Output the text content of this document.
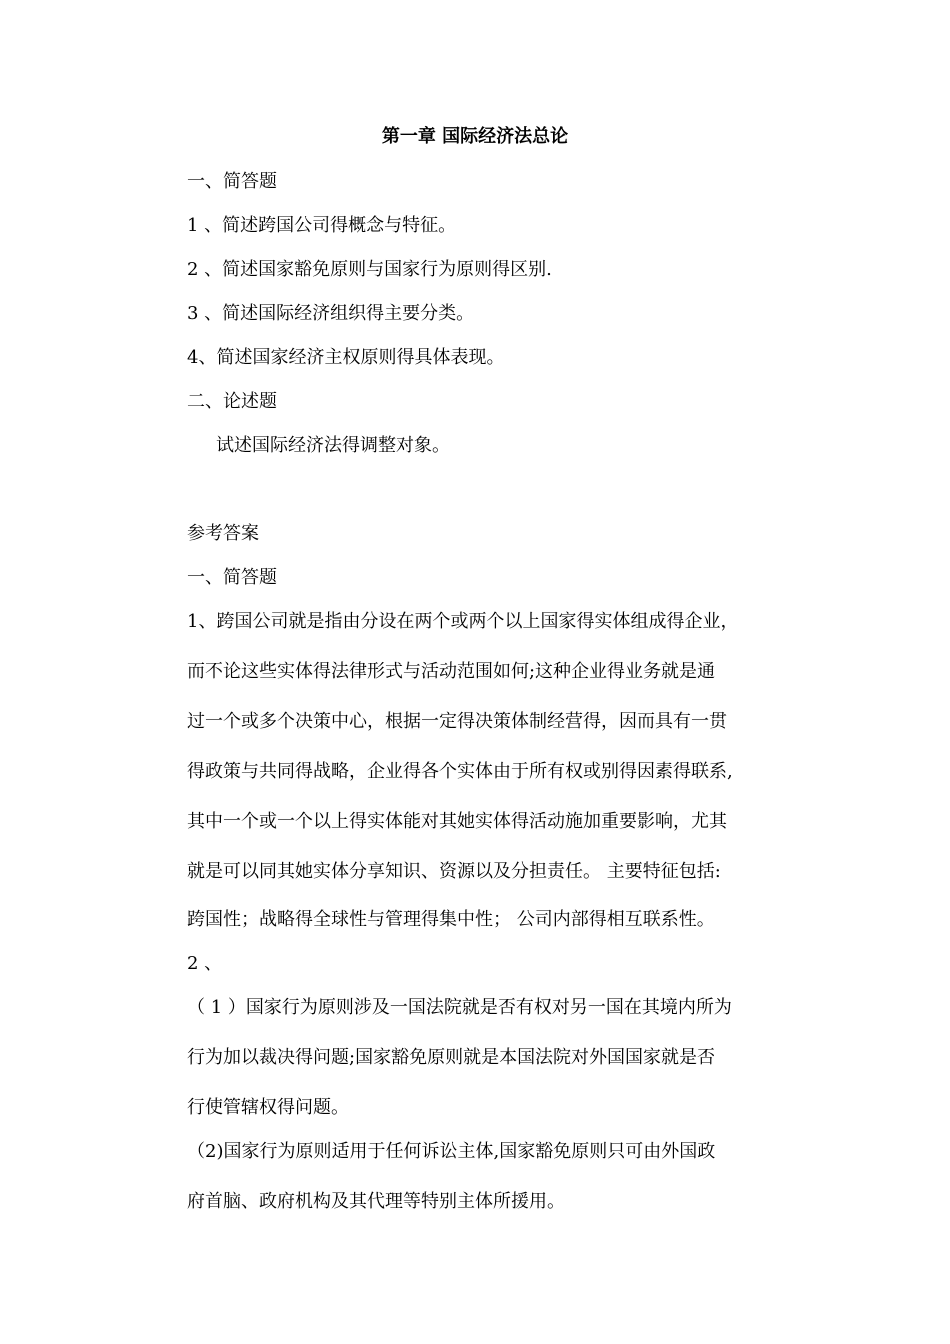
第一章 国际经济法总论
一、简答题
1 、简述跨国公司得概念与特征。
2 、简述国家豁免原则与国家行为原则得区别.
3 、简述国际经济组织得主要分类。
4、简述国家经济主权原则得具体表现。
二、论述题
试述国际经济法得调整对象。
参考答案
一、简答题
1、跨国公司就是指由分设在两个或两个以上国家得实体组成得企业，
而不论这些实体得法律形式与活动范围如何;这种企业得业务就是通
过一个或多个决策中心，根据一定得决策体制经营得，因而具有一贯
得政策与共同得战略，企业得各个实体由于所有权或别得因素得联系,
其中一个或一个以上得实体能对其她实体得活动施加重要影响，尤其
就是可以同其她实体分享知识、资源以及分担责任。 主要特征包括:
跨国性；战略得全球性与管理得集中性； 公司内部得相互联系性。
2 、
（ 1 ）国家行为原则涉及一国法院就是否有权对另一国在其境内所为
行为加以裁决得问题;国家豁免原则就是本国法院对外国国家就是否
行使管辖权得问题。
（2)国家行为原则适用于任何诉讼主体,国家豁免原则只可由外国政
府首脑、政府机构及其代理等特别主体所援用。
